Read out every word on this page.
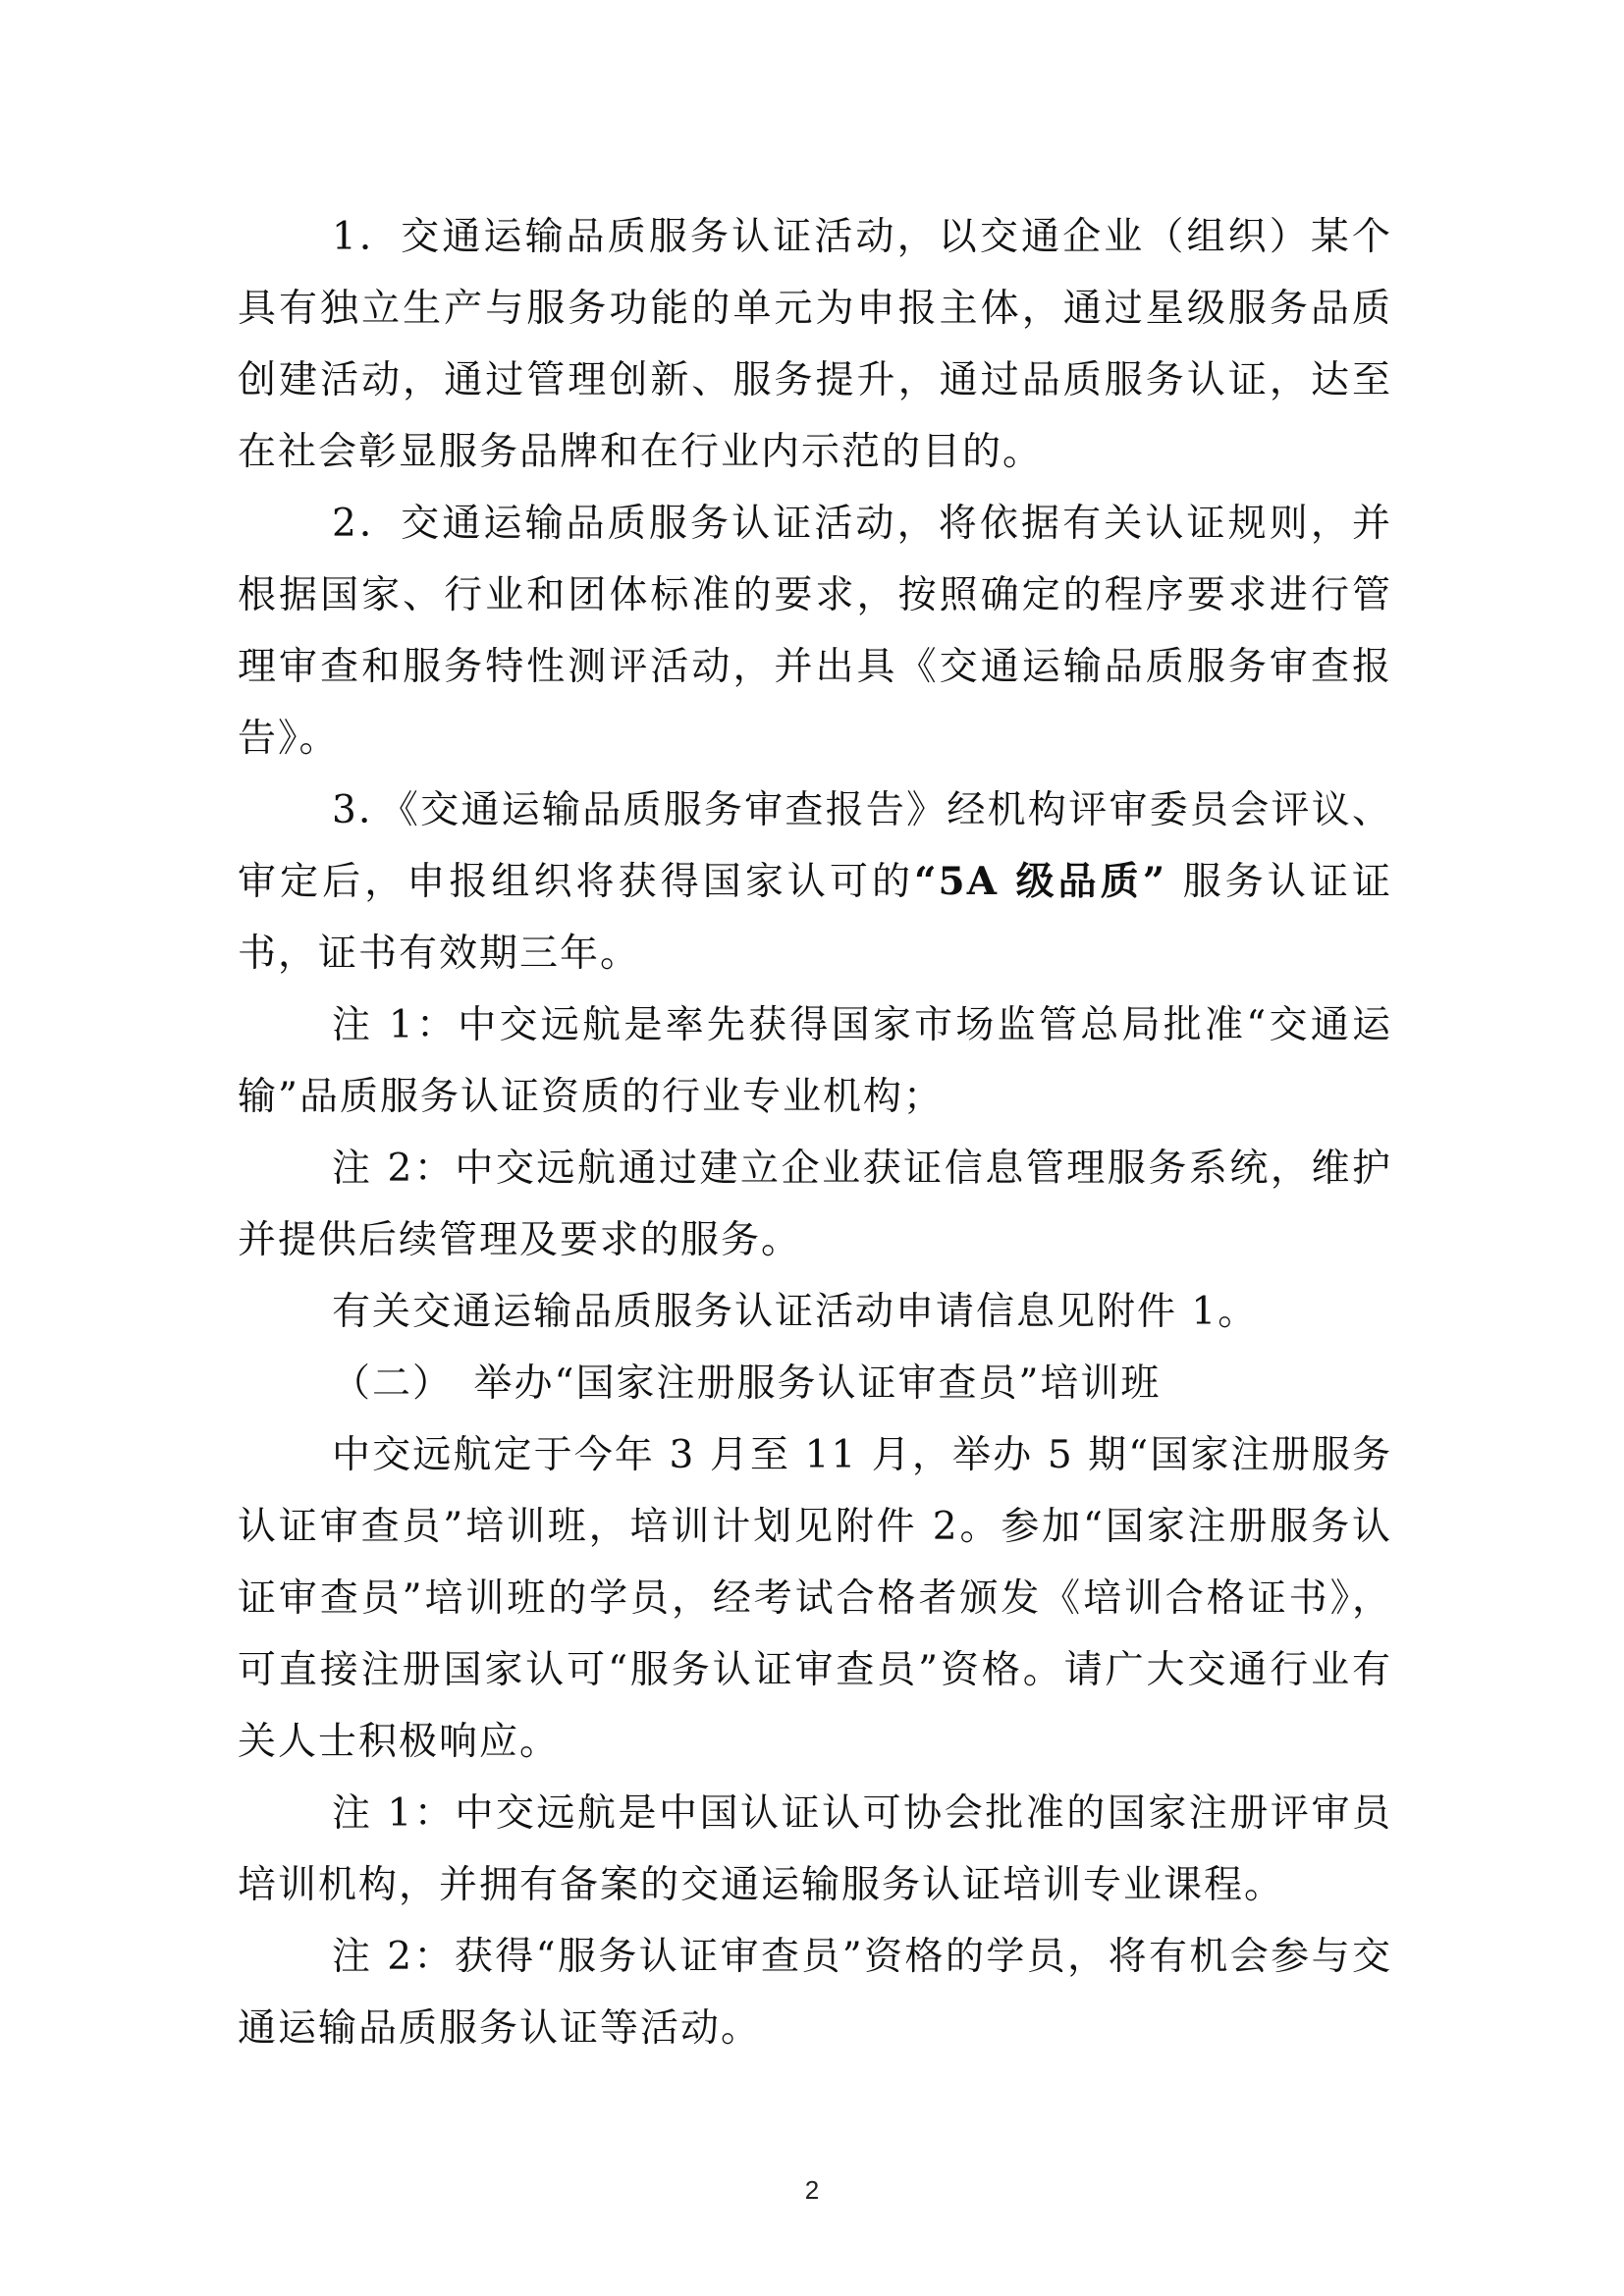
1．交通运输品质服务认证活动，以交通企业（组织）某个具有独立生产与服务功能的单元为申报主体，通过星级服务品质创建活动，通过管理创新、服务提升，通过品质服务认证，达至在社会彰显服务品牌和在行业内示范的目的。

2．交通运输品质服务认证活动，将依据有关认证规则，并根据国家、行业和团体标准的要求，按照确定的程序要求进行管理审查和服务特性测评活动，并出具《交通运输品质服务审查报告》。

3．《交通运输品质服务审查报告》经机构评审委员会评议、审定后，申报组织将获得国家认可的“5A 级品质” 服务认证证书，证书有效期三年。

注 1：中交远航是率先获得国家市场监管总局批准“交通运输”品质服务认证资质的行业专业机构；

注 2：中交远航通过建立企业获证信息管理服务系统，维护并提供后续管理及要求的服务。

有关交通运输品质服务认证活动申请信息见附件 1。

（二）　举办“国家注册服务认证审查员”培训班

中交远航定于今年 3 月至 11 月，举办 5 期“国家注册服务认证审查员”培训班，培训计划见附件 2。参加“国家注册服务认证审查员”培训班的学员，经考试合格者颁发《培训合格证书》，可直接注册国家认可“服务认证审查员”资格。请广大交通行业有关人士积极响应。

注 1：中交远航是中国认证认可协会批准的国家注册评审员培训机构，并拥有备案的交通运输服务认证培训专业课程。

注 2：获得“服务认证审查员”资格的学员，将有机会参与交通运输品质服务认证等活动。

2
